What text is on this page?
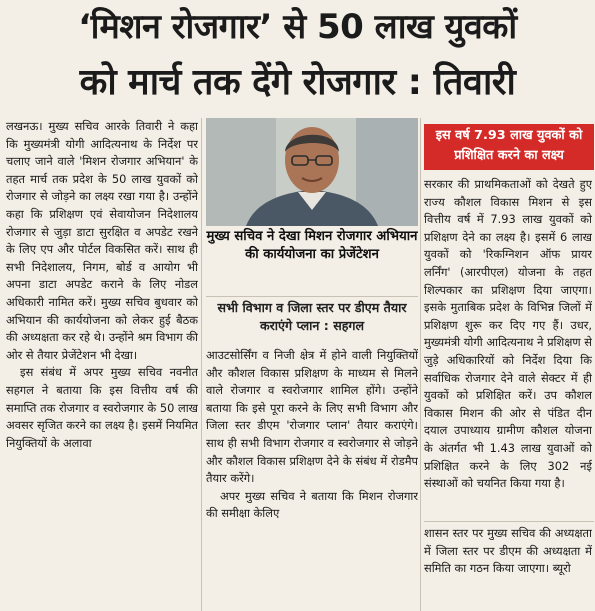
‘मिशन रोजगार’ से 50 लाख युवकों
को मार्च तक देंगे रोजगार : तिवारी

लखनऊ। मुख्य सचिव आरके तिवारी ने कहा कि मुख्यमंत्री योगी आदित्यनाथ के निर्देश पर चलाए जाने वाले 'मिशन रोजगार अभियान' के तहत मार्च तक प्रदेश के 50 लाख युवकों को रोजगार से जोड़ने का लक्ष्य रखा गया है। उन्होंने कहा कि प्रशिक्षण एवं सेवायोजन निदेशालय रोजगार से जुड़ा डाटा सुरक्षित व अपडेट रखने के लिए एप और पोर्टल विकसित करें। साथ ही सभी निदेशालय, निगम, बोर्ड व आयोग भी अपना डाटा अपडेट कराने के लिए नोडल अधिकारी नामित करें। मुख्य सचिव बुधवार को अभियान की कार्ययोजना को लेकर हुई बैठक की अध्यक्षता कर रहे थे। उन्होंने श्रम विभाग की ओर से तैयार प्रेजेंटेशन भी देखा।

इस संबंध में अपर मुख्य सचिव नवनीत सहगल ने बताया कि इस वित्तीय वर्ष की समाप्ति तक रोजगार व स्वरोजगार के 50 लाख अवसर सृजित करने का लक्ष्य है। इसमें नियमित नियुक्तियों के अलावा

मुख्य सचिव ने देखा मिशन रोजगार अभियान की कार्ययोजना का प्रेजेंटेशन
सभी विभाग व जिला स्तर पर डीएम तैयार कराएंगे प्लान : सहगल

आउटसोर्सिंग व निजी क्षेत्र में होने वाली नियुक्तियों और कौशल विकास प्रशिक्षण के माध्यम से मिलने वाले रोजगार व स्वरोजगार शामिल होंगे। उन्होंने बताया कि इसे पूरा करने के लिए सभी विभाग और जिला स्तर डीएम 'रोजगार प्लान' तैयार कराएंगे। साथ ही सभी विभाग रोजगार व स्वरोजगार से जोड़ने और कौशल विकास प्रशिक्षण देने के संबंध में रोडमैप तैयार करेंगे।

अपर मुख्य सचिव ने बताया कि मिशन रोजगार की समीक्षा केलिए

इस वर्ष 7.93 लाख युवकों को प्रशिक्षित करने का लक्ष्य

सरकार की प्राथमिकताओं को देखते हुए राज्य कौशल विकास मिशन से इस वित्तीय वर्ष में 7.93 लाख युवकों को प्रशिक्षण देने का लक्ष्य है। इसमें 6 लाख युवकों को 'रिकग्निशन ऑफ प्रायर लर्निंग' (आरपीएल) योजना के तहत शिल्पकार का प्रशिक्षण दिया जाएगा। इसके मुताबिक प्रदेश के विभिन्न जिलों में प्रशिक्षण शुरू कर दिए गए हैं। उधर, मुख्यमंत्री योगी आदित्यनाथ ने प्रशिक्षण से जुड़े अधिकारियों को निर्देश दिया कि सर्वाधिक रोजगार देने वाले सेक्टर में ही युवकों को प्रशिक्षित करें। उप कौशल विकास मिशन की ओर से पंडित दीन दयाल उपाध्याय ग्रामीण कौशल योजना के अंतर्गत भी 1.43 लाख युवाओं को प्रशिक्षित करने के लिए 302 नई संस्थाओं को चयनित किया गया है।

शासन स्तर पर मुख्य सचिव की अध्यक्षता में जिला स्तर पर डीएम की अध्यक्षता में समिति का गठन किया जाएगा। ब्यूरो
